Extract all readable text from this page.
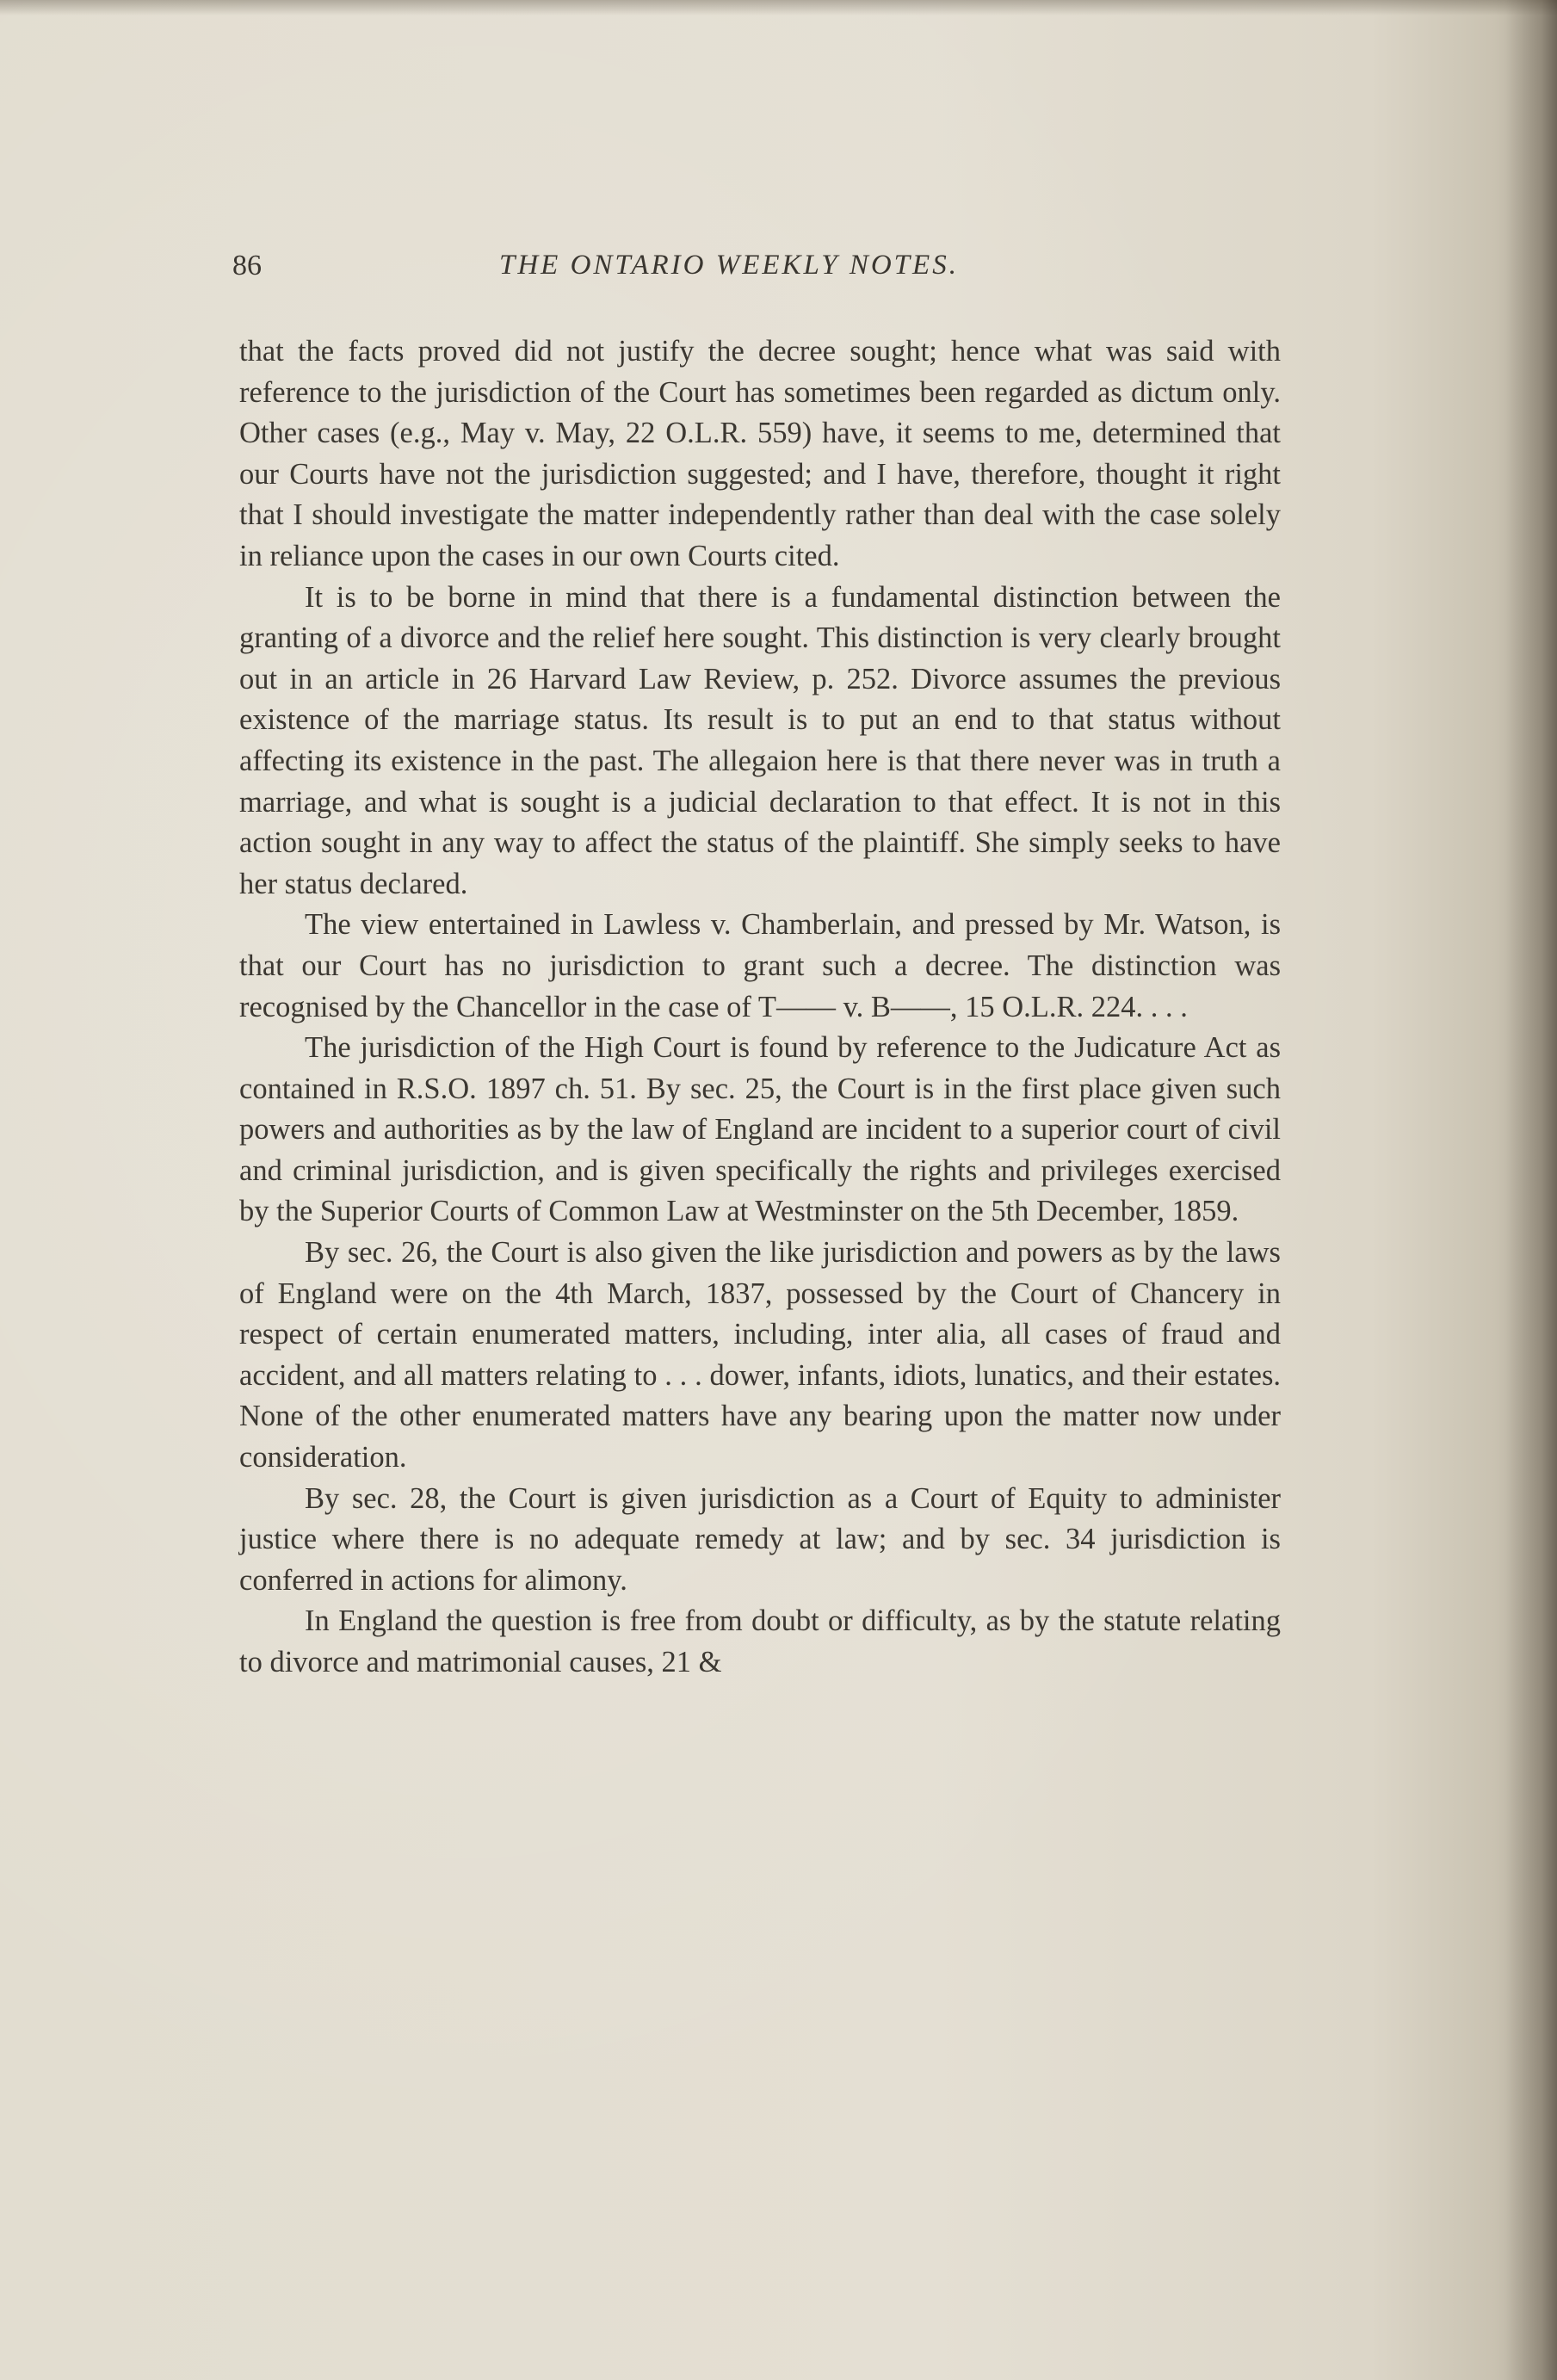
86	THE ONTARIO WEEKLY NOTES.

that the facts proved did not justify the decree sought; hence what was said with reference to the jurisdiction of the Court has sometimes been regarded as dictum only. Other cases (e.g., May v. May, 22 O.L.R. 559) have, it seems to me, determined that our Courts have not the jurisdiction suggested; and I have, therefore, thought it right that I should investigate the matter independently rather than deal with the case solely in reliance upon the cases in our own Courts cited.

It is to be borne in mind that there is a fundamental distinction between the granting of a divorce and the relief here sought. This distinction is very clearly brought out in an article in 26 Harvard Law Review, p. 252. Divorce assumes the previous existence of the marriage status. Its result is to put an end to that status without affecting its existence in the past. The allegaion here is that there never was in truth a marriage, and what is sought is a judicial declaration to that effect. It is not in this action sought in any way to affect the status of the plaintiff. She simply seeks to have her status declared.

The view entertained in Lawless v. Chamberlain, and pressed by Mr. Watson, is that our Court has no jurisdiction to grant such a decree. The distinction was recognised by the Chancellor in the case of T—— v. B——, 15 O.L.R. 224. . . .

The jurisdiction of the High Court is found by reference to the Judicature Act as contained in R.S.O. 1897 ch. 51. By sec. 25, the Court is in the first place given such powers and authorities as by the law of England are incident to a superior court of civil and criminal jurisdiction, and is given specifically the rights and privileges exercised by the Superior Courts of Common Law at Westminster on the 5th December, 1859.

By sec. 26, the Court is also given the like jurisdiction and powers as by the laws of England were on the 4th March, 1837, possessed by the Court of Chancery in respect of certain enumerated matters, including, inter alia, all cases of fraud and accident, and all matters relating to . . . dower, infants, idiots, lunatics, and their estates. None of the other enumerated matters have any bearing upon the matter now under consideration.

By sec. 28, the Court is given jurisdiction as a Court of Equity to administer justice where there is no adequate remedy at law; and by sec. 34 jurisdiction is conferred in actions for alimony.

In England the question is free from doubt or difficulty, as by the statute relating to divorce and matrimonial causes, 21 &
